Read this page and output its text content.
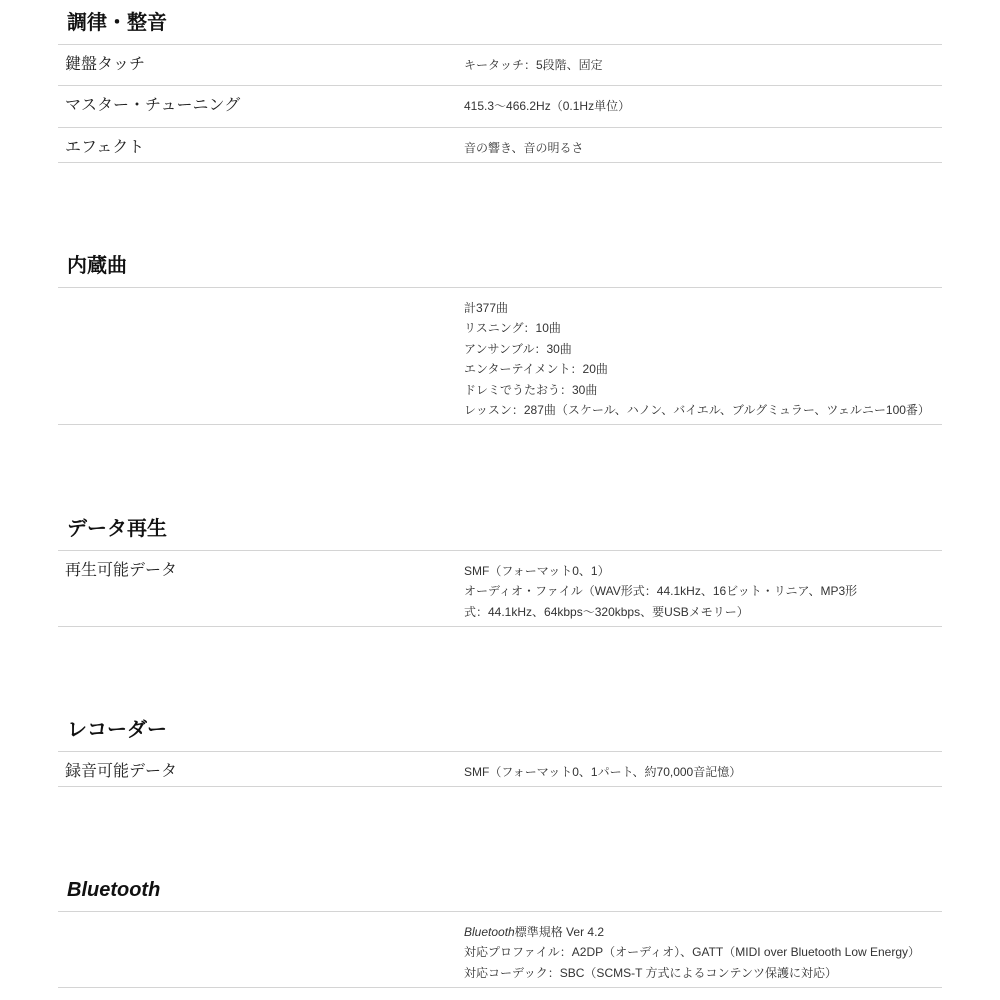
調律・整音
鍵盤タッチ	キータッチ：5段階、固定
マスター・チューニング	415.3〜466.2Hz（0.1Hz単位）
エフェクト	音の響き、音の明るさ
内蔵曲
計377曲
リスニング：10曲
アンサンブル：30曲
エンターテイメント：20曲
ドレミでうたおう：30曲
レッスン：287曲（スケール、ハノン、バイエル、ブルグミュラー、ツェルニー100番）
データ再生
再生可能データ	SMF（フォーマット0、1）
オーディオ・ファイル（WAV形式：44.1kHz、16ビット・リニア、MP3形
式：44.1kHz、64kbps〜320kbps、要USBメモリー）
レコーダー
録音可能データ	SMF（フォーマット0、1パート、約70,000音記憶）
Bluetooth
Bluetooth標準規格 Ver 4.2
対応プロファイル：A2DP（オーディオ）、GATT（MIDI over Bluetooth Low Energy）
対応コーデック：SBC（SCMS-T 方式によるコンテンツ保護に対応）
